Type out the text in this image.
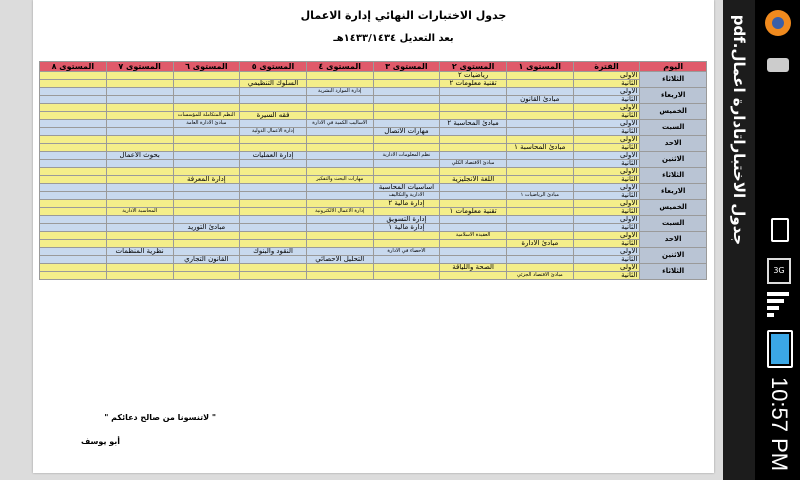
جدول الاختبارات النهائي إدارة الاعمال
بعد التعديل ١٤٣٣/١٤٣٤هـ
اليوم	الفترة	المستوى ١	المستوى ٢	المستوى ٣	المستوى ٤	المستوى ٥	المستوى ٦	المستوى ٧	المستوى ٨
الثلاثاء	الاولى		رياضيات ٢						
	الثانية		تقنية معلومات ٢			السلوك التنظيمي			
الاربعاء	الاولى				إدارة الموارد البشرية				
	الثانية	مبادئ القانون							
الخميس	الاولى								
	الثانية					فقه السيرة	النظم المتكاملة للمؤسسات		
السبت	الاولى		مبادئ المحاسبة ٢		الاساليب الكمية في الادارة		مبادئ الادارة العامة		
	الثانية			مهارات الاتصال		إدارة الاعمال الدولية			
الاحد	الاولى								
	الثانية	مبادئ المحاسبة ١							
الاثنين	الاولى			نظم المعلومات الادارية		إدارة العمليات		بحوث الاعمال	
	الثانية		مبادئ الاقتصاد الكلي						
الثلاثاء	الاولى								
	الثانية		اللغة الانجليزية		مهارات البحث والتفكير		إدارة المعرفة		
الاربعاء	الاولى			اساسيات المحاسبة					
	الثانية	مبادئ الرياضيات ١		الادارية والتكاليف					
الخميس	الاولى			إدارة مالية ٢					
	الثانية		تقنية معلومات ١		إدارة الاعمال الالكترونية			المحاسبة الادارية	
السبت	الاولى			إدارة التسويق					
	الثانية			إدارة مالية ١			مبادئ التوريد		
الاحد	الاولى		العقيدة الاسلامية						
	الثانية	مبادئ الادارة							
الاثنين	الاولى			الاحصاء في الادارة		النقود والبنوك		نظرية المنظمات	
	الثانية				التحليل الاحصائي		القانون التجاري		
الثلاثاء	الاولى		الصحة واللياقة						
	الثانية	مبادئ الاقتصاد الجزئي							
" لاتنسونا من صالح دعائكم "
أبو يوسف
جدول الاختباراتادارة اعمال.pdf
3G
10:57 PM
